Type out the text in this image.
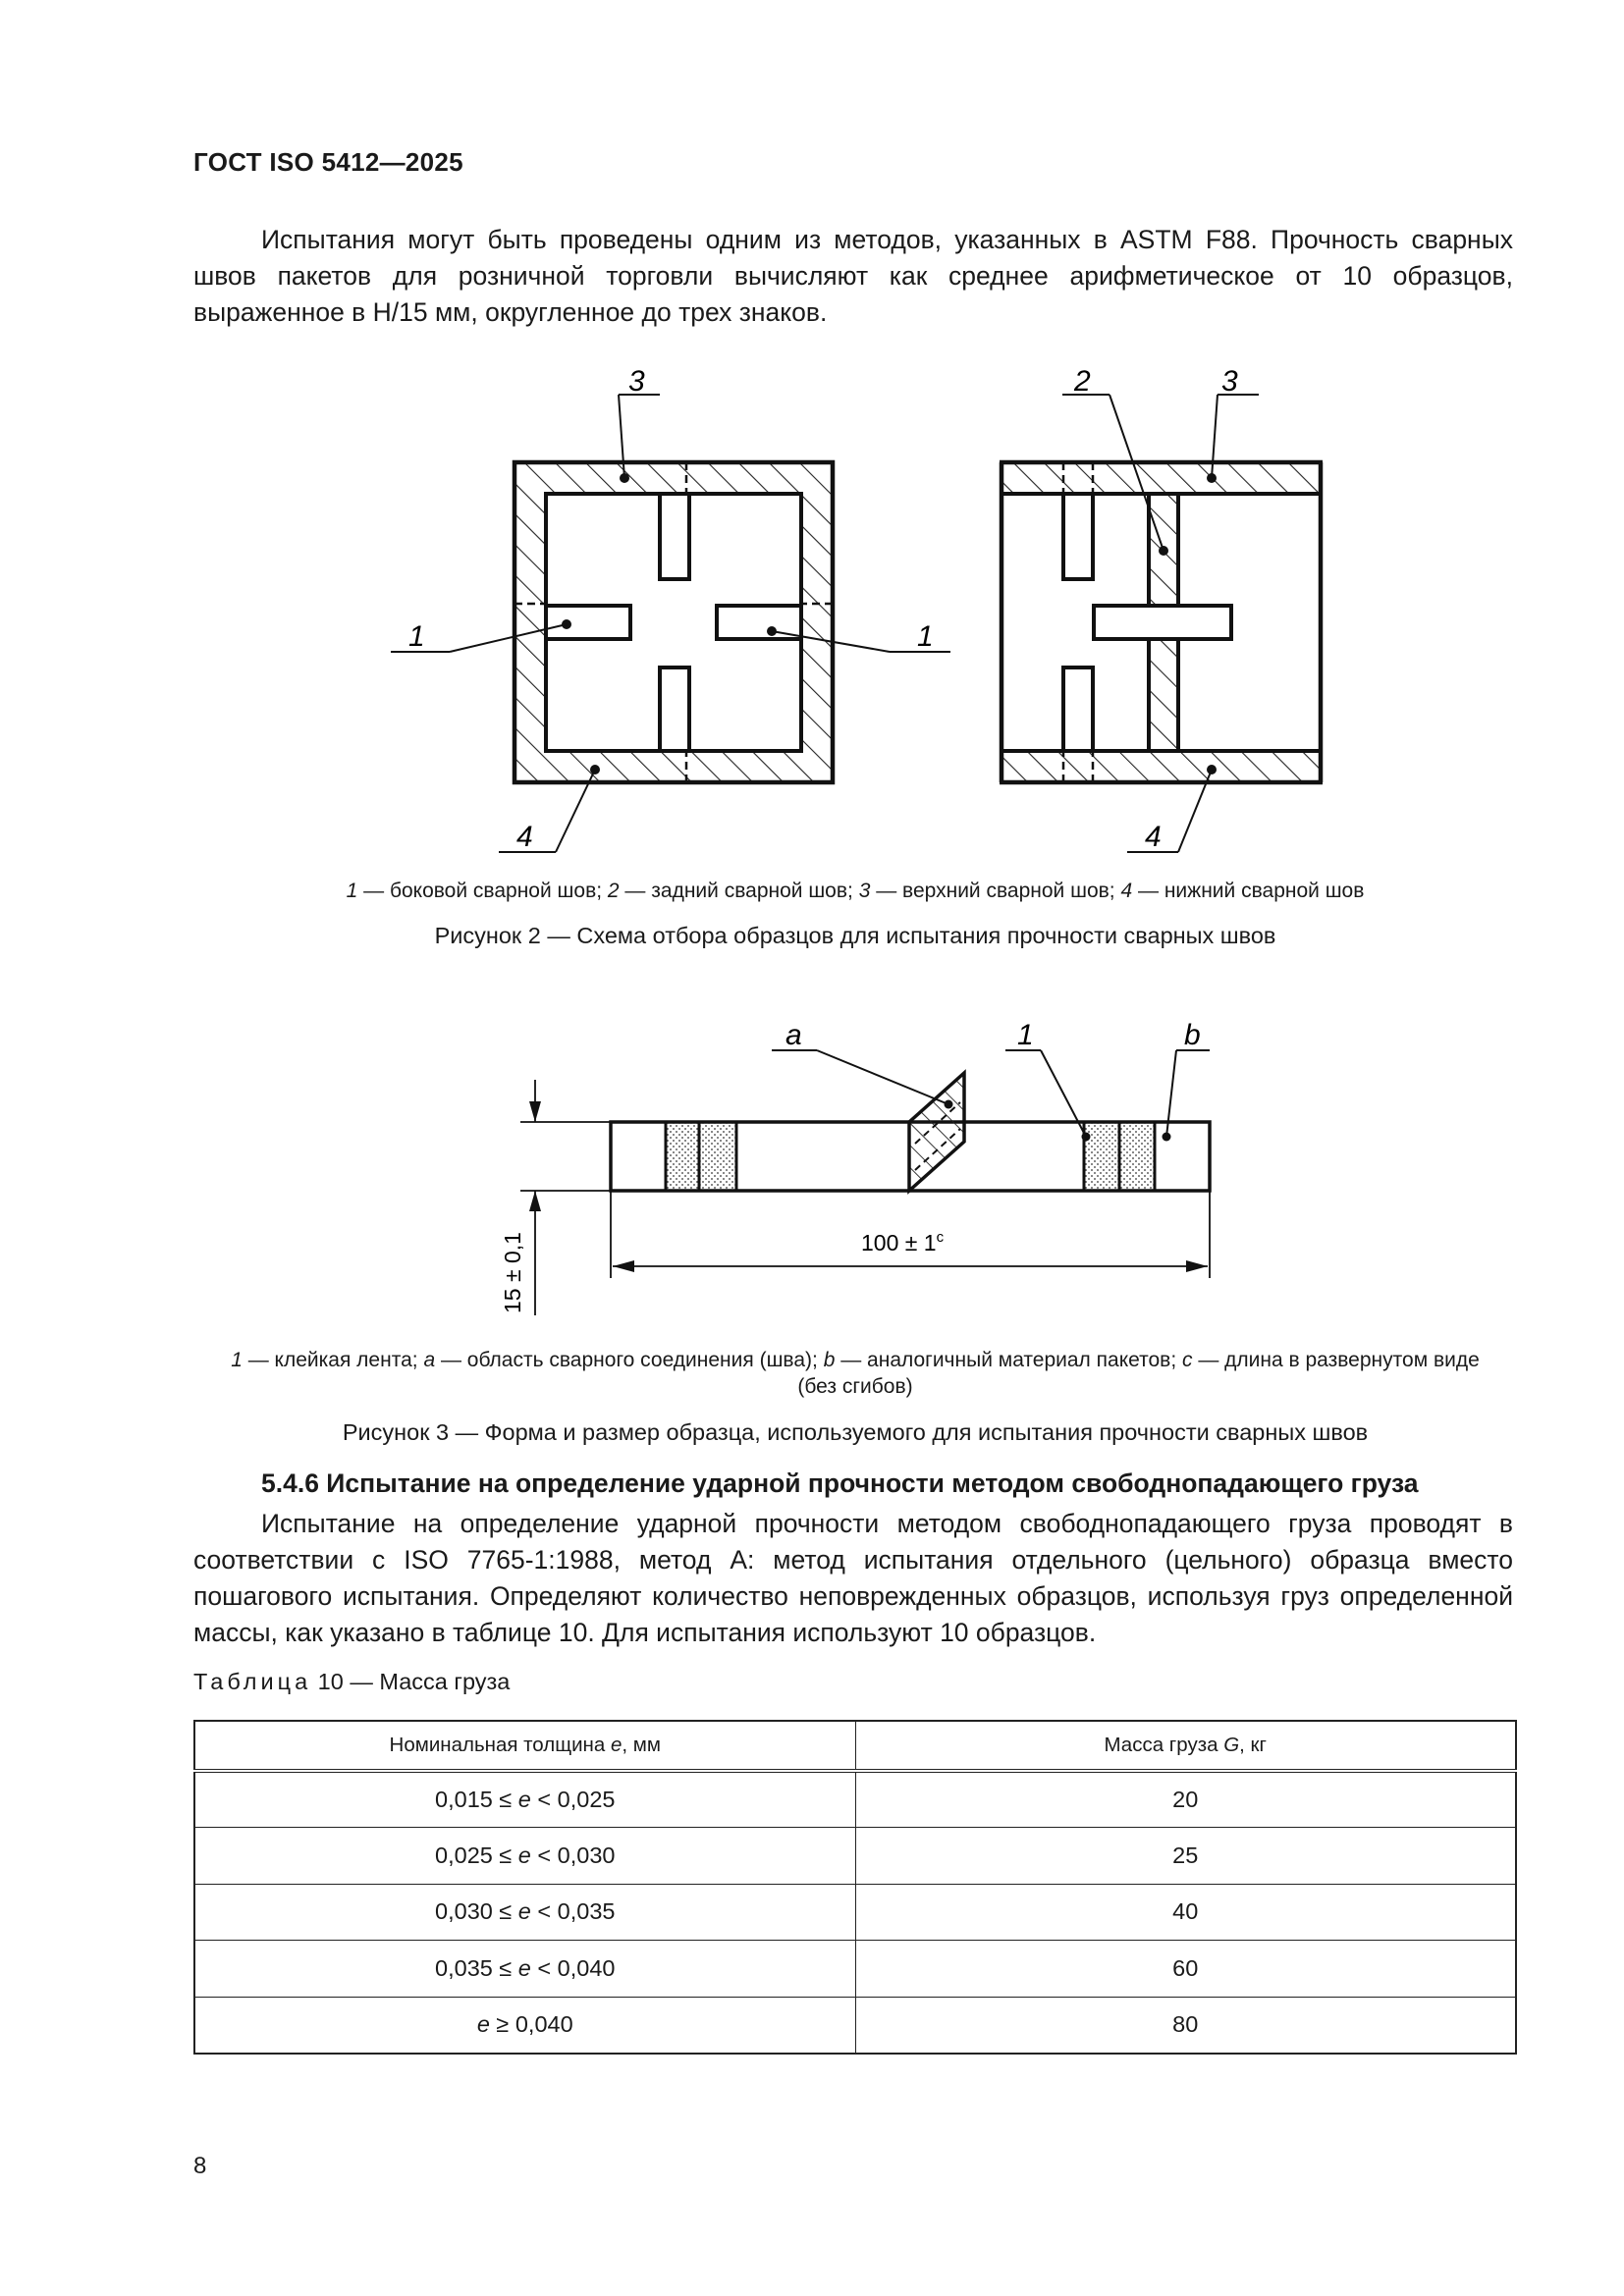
ГОСТ ISO 5412—2025
Испытания могут быть проведены одним из методов, указанных в ASTM F88. Прочность сварных швов пакетов для розничной торговли вычисляют как среднее арифметическое от 10 образцов, выраженное в Н/15 мм, округленное до трех знаков.
3
1	1
4
2	3
4
1 — боковой сварной шов; 2 — задний сварной шов; 3 — верхний сварной шов; 4 — нижний сварной шов
Рисунок 2 — Схема отбора образцов для испытания прочности сварных швов
a	1	b
$100 \pm 1^c$
15 ± 0,1
1 — клейкая лента; a — область сварного соединения (шва); b — аналогичный материал пакетов; c — длина в развернутом виде
(без сгибов)
Рисунок 3 — Форма и размер образца, используемого для испытания прочности сварных швов
5.4.6 Испытание на определение ударной прочности методом свободнопадающего груза
Испытание на определение ударной прочности методом свободнопадающего груза проводят в соответствии с ISO 7765-1:1988, метод A: метод испытания отдельного (цельного) образца вместо пошагового испытания. Определяют количество неповрежденных образцов, используя груз определенной массы, как указано в таблице 10. Для испытания используют 10 образцов.
Таблица 10 — Масса груза
Номинальная толщина e, мм	Масса груза G, кг
0,015 ≤ e < 0,025	20
0,025 ≤ e < 0,030	25
0,030 ≤ e < 0,035	40
0,035 ≤ e < 0,040	60
e ≥ 0,040	80
8
